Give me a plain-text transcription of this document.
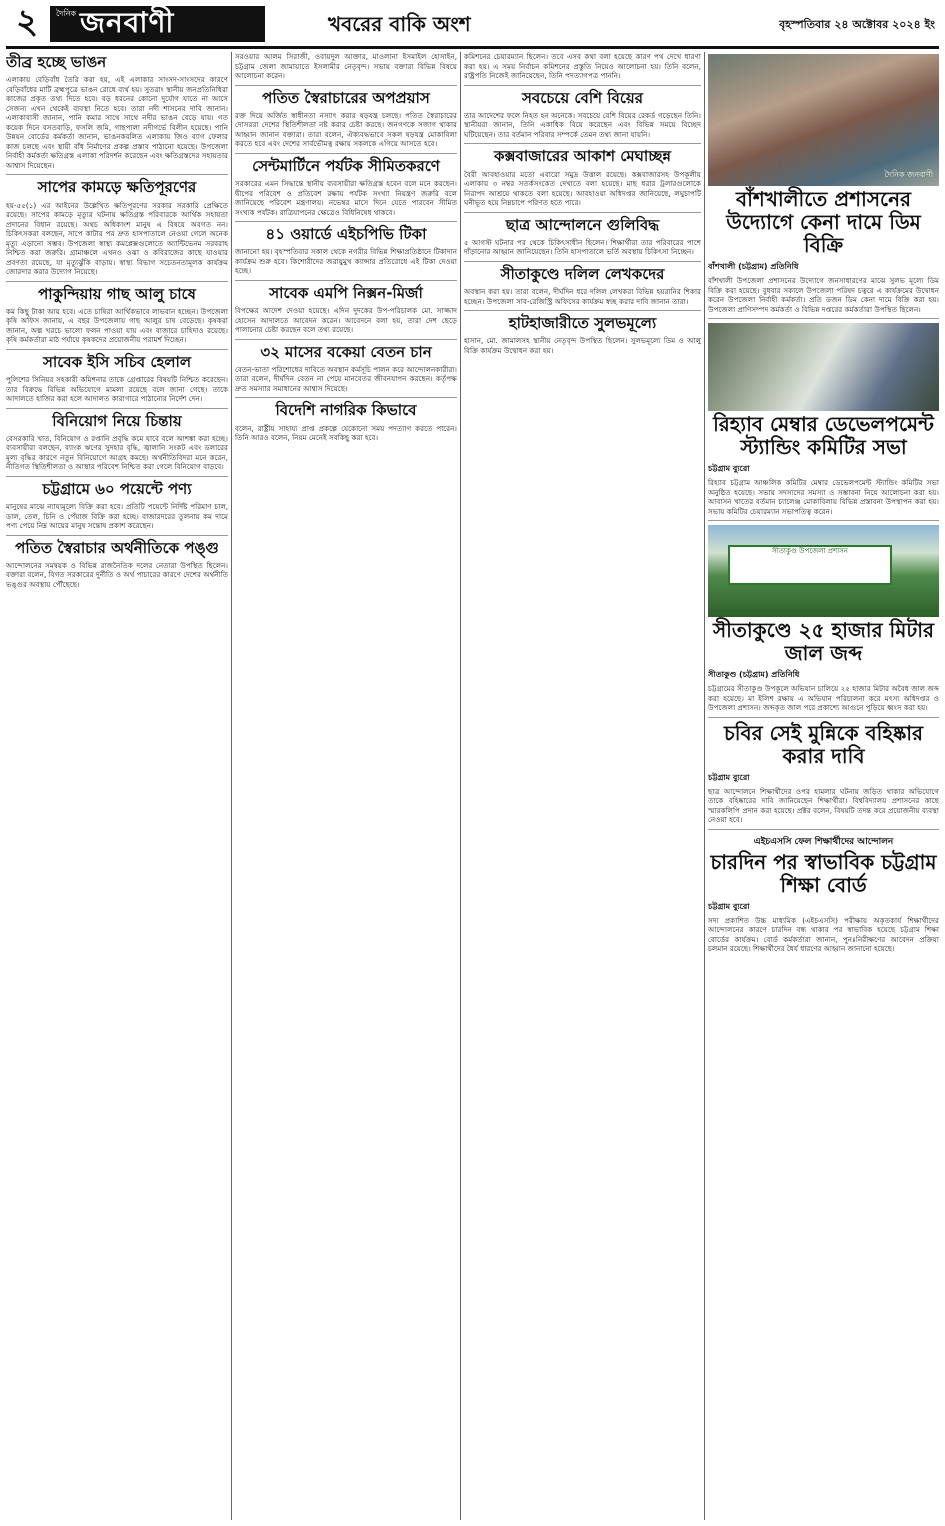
২	দৈনিক জনবাণী	খবরের বাকি অংশ	বৃহস্পতিবার ২৪ অক্টোবর ২০২৪ ইং
তীব্র হচ্ছে ভাঙন

এলাকায় বেড়িবাঁধ তৈরি করা হয়, এই এলাকার সাংসদ-সাংসদের কারণে বেড়িবাঁধের মাটি ব্রহ্মপুত্রে ভাঙন রোধে ব্যর্থ হয়। সুতরাং স্থানীয় জনপ্রতিনিধিরা কাজের প্রকৃত তথ্য দিতে হবে। বড় ধরনের কোনো দুর্যোগ যাতে না আসে সেজন্য এখন থেকেই ব্যবস্থা নিতে হবে। তারা নদী শাসনের দাবি জানান। এলাকাবাসী জানান, পানি কমার সাথে সাথে নদীর ভাঙন বেড়ে যায়। গত কয়েক দিনে বসতবাড়ি, ফসলি জমি, গাছপালা নদীগর্ভে বিলীন হয়েছে। পানি উন্নয়ন বোর্ডের কর্মকর্তা জানান, ভাঙনকবলিত এলাকায় জিও ব্যাগ ফেলার কাজ চলছে এবং স্থায়ী বাঁধ নির্মাণের প্রকল্প প্রস্তাব পাঠানো হয়েছে। উপজেলা নির্বাহী কর্মকর্তা ক্ষতিগ্রস্ত এলাকা পরিদর্শন করেছেন এবং ক্ষতিগ্রস্তদের সহায়তার আশ্বাস দিয়েছেন।

সাপের কামড়ে ক্ষতিপূরণের

হয়-৫৫(১) এর আইনের উল্লেখিত ক্ষতিপূরণের সরকার সরকারি প্রেক্ষিতে রয়েছে। সাপের কামড়ে মৃত্যুর ঘটনায় ক্ষতিগ্রস্ত পরিবারকে আর্থিক সহায়তা প্রদানের বিধান রয়েছে। অথচ অধিকাংশ মানুষ এ বিষয়ে অবগত নন। চিকিৎসকরা বলছেন, সাপে কাটার পর দ্রুত হাসপাতালে নেওয়া গেলে অনেক মৃত্যু এড়ানো সম্ভব। উপজেলা স্বাস্থ্য কমপ্লেক্সগুলোতে অ্যান্টিভেনম সরবরাহ নিশ্চিত করা জরুরি। গ্রামাঞ্চলে এখনও ওঝা ও কবিরাজের কাছে যাওয়ার প্রবণতা রয়েছে, যা মৃত্যুঝুঁকি বাড়ায়। স্বাস্থ্য বিভাগ সচেতনতামূলক কার্যক্রম জোরদার করার উদ্যোগ নিয়েছে।

পাকুন্দিয়ায় গাছ আলু চাষে

কম কিছু টাকা আয় হবে। এতে চাষিরা আর্থিকভাবে লাভবান হচ্ছেন। উপজেলা কৃষি অফিস জানায়, এ বছর উপজেলায় গাছ আলুর চাষ বেড়েছে। কৃষকরা জানান, অল্প খরচে ভালো ফলন পাওয়া যায় এবং বাজারে চাহিদাও রয়েছে। কৃষি কর্মকর্তারা মাঠ পর্যায়ে কৃষকদের প্রয়োজনীয় পরামর্শ দিচ্ছেন।

সাবেক ইসি সচিব হেলাল

পুলিশের সিনিয়র সহকারী কমিশনার তাকে গ্রেপ্তারের বিষয়টি নিশ্চিত করেছেন। তার বিরুদ্ধে বিভিন্ন অভিযোগে মামলা রয়েছে বলে জানা গেছে। তাকে আদালতে হাজির করা হলে আদালত কারাগারে পাঠানোর নির্দেশ দেন।

বিনিয়োগ নিয়ে চিন্তায়

বেসরকারি খাত, বিনিয়োগ ও রপ্তানি প্রবৃদ্ধি কমে যাবে বলে আশঙ্কা করা হচ্ছে। ব্যবসায়ীরা বলছেন, ব্যাংক ঋণের সুদহার বৃদ্ধি, জ্বালানি সংকট এবং ডলারের মূল্য বৃদ্ধির কারণে নতুন বিনিয়োগে আগ্রহ কমছে। অর্থনীতিবিদরা মনে করেন, নীতিগত স্থিতিশীলতা ও আস্থার পরিবেশ নিশ্চিত করা গেলে বিনিয়োগ বাড়বে।

চট্টগ্রামে ৬০ পয়েন্টে পণ্য

মানুষের মাঝে ন্যায্যমূল্যে বিক্রি করা হবে। প্রতিটি পয়েন্টে নির্দিষ্ট পরিমাণ চাল, ডাল, তেল, চিনি ও পেঁয়াজ বিক্রি করা হচ্ছে। বাজারদরের তুলনায় কম দামে পণ্য পেয়ে নিম্ন আয়ের মানুষ সন্তোষ প্রকাশ করেছেন।

পতিত স্বৈরাচার অর্থনীতিকে পঙ্গু

আন্দোলনের সমন্বয়ক ও বিভিন্ন রাজনৈতিক দলের নেতারা উপস্থিত ছিলেন। বক্তারা বলেন, বিগত সরকারের দুর্নীতি ও অর্থ পাচারের কারণে দেশের অর্থনীতি ভঙ্গুর অবস্থায় পৌঁছেছে।

সরওয়ার আলম সিরাজী, ওবায়দুল আক্তার, মাওলানা ইসমাইল হোসাইন, চট্টগ্রাম জেলা জামায়াতে ইসলামীর নেতৃবৃন্দ। সভায় বক্তারা বিভিন্ন বিষয়ে আলোচনা করেন।

পতিত স্বৈরাচারের অপপ্রয়াস

রক্ত দিয়ে অর্জিত স্বাধীনতা নস্যাৎ করার ষড়যন্ত্র চলছে। পতিত স্বৈরাচারের দোসররা দেশের স্থিতিশীলতা নষ্ট করার চেষ্টা করছে। জনগণকে সজাগ থাকার আহ্বান জানান বক্তারা। তারা বলেন, ঐক্যবদ্ধভাবে সকল ষড়যন্ত্র মোকাবিলা করতে হবে এবং দেশের সার্বভৌমত্ব রক্ষায় সকলকে এগিয়ে আসতে হবে।

সেন্টমার্টিনে পর্যটক সীমিতকরণে

সরকারের এমন সিদ্ধান্তে স্থানীয় ব্যবসায়ীরা ক্ষতিগ্রস্ত হবেন বলে মনে করছেন। দ্বীপের পরিবেশ ও প্রতিবেশ রক্ষায় পর্যটক সংখ্যা নিয়ন্ত্রণ জরুরি বলে জানিয়েছে পরিবেশ মন্ত্রণালয়। নভেম্বর মাসে দিনে যেতে পারবেন সীমিত সংখ্যক পর্যটক। রাত্রিযাপনের ক্ষেত্রেও বিধিনিষেধ থাকবে।

৪১ ওয়ার্ডে এইচপিভি টিকা

জানানো হয়। বৃহস্পতিবার সকাল থেকে নগরীর বিভিন্ন শিক্ষাপ্রতিষ্ঠানে টিকাদান কার্যক্রম শুরু হবে। কিশোরীদের জরায়ুমুখ ক্যান্সার প্রতিরোধে এই টিকা দেওয়া হচ্ছে।

সাবেক এমপি নিক্সন-মির্জা

বিপক্ষের আদেশ দেওয়া হয়েছে। এদিন দুদকের উপ-পরিচালক মো. সাজ্জাদ হোসেন আদালতে আবেদন করেন। আবেদনে বলা হয়, তারা দেশ ছেড়ে পালানোর চেষ্টা করছেন বলে তথ্য রয়েছে।

৩২ মাসের বকেয়া বেতন চান

বেতন-ভাতা পরিশোধের দাবিতে অবস্থান কর্মসূচি পালন করে আন্দোলনকারীরা। তারা বলেন, দীর্ঘদিন বেতন না পেয়ে মানবেতর জীবনযাপন করছেন। কর্তৃপক্ষ দ্রুত সমস্যার সমাধানের আশ্বাস দিয়েছে।

বিদেশি নাগরিক কিভাবে

বলেন, রাষ্ট্রীয় সাহায্য প্রাপ্ত প্রকল্পে যেকোনো সময় পদত্যাগ করতে পারেন। তিনি আরও বলেন, নিয়ম মেনেই সবকিছু করা হবে।

কমিশনের চেয়ারম্যান ছিলেন। তবে এসব কথা বলা হয়েছে কারণ পথ দেখে ধারণা করা হয়। এ সময় নির্বাচন কমিশনের প্রস্তুতি নিয়েও আলোচনা হয়। তিনি বলেন, রাষ্ট্রপতি নিজেই জানিয়েছেন, তিনি পদত্যাগপত্র পাননি।

সবচেয়ে বেশি বিয়ের

তার আদেশের ফলে নিহত হন অনেকে। সবচেয়ে বেশি বিয়ের রেকর্ড গড়েছেন তিনি। স্থানীয়রা জানান, তিনি একাধিক বিয়ে করেছেন এবং বিভিন্ন সময়ে বিচ্ছেদ ঘটিয়েছেন। তার বর্তমান পরিবার সম্পর্কে তেমন তথ্য জানা যায়নি।

কক্সবাজারের আকাশ মেঘাচ্ছন্ন

বৈরী আবহাওয়ার মতো এবারো সমুদ্র উত্তাল রয়েছে। কক্সবাজারসহ উপকূলীয় এলাকায় ৩ নম্বর সতর্কসংকেত দেখাতে বলা হয়েছে। মাছ ধরার ট্রলারগুলোকে নিরাপদ আশ্রয়ে থাকতে বলা হয়েছে। আবহাওয়া অধিদপ্তর জানিয়েছে, লঘুচাপটি ঘনীভূত হয়ে নিম্নচাপে পরিণত হতে পারে।

ছাত্র আন্দোলনে গুলিবিদ্ধ

৫ আগস্ট ঘটনার পর থেকে চিকিৎসাধীন ছিলেন। শিক্ষার্থীরা তার পরিবারের পাশে দাঁড়ানোর আহ্বান জানিয়েছেন। তিনি হাসপাতালে ভর্তি অবস্থায় চিকিৎসা নিচ্ছেন।

সীতাকুণ্ডে দলিল লেখকদের

অবস্থান করা হয়। তারা বলেন, দীর্ঘদিন ধরে দলিল লেখকরা বিভিন্ন হয়রানির শিকার হচ্ছেন। উপজেলা সাব-রেজিস্ট্রি অফিসের কার্যক্রম স্বচ্ছ করার দাবি জানান তারা।

হাটহাজারীতে সুলভমূল্যে

হাসান, মো. জামালসহ স্থানীয় নেতৃবৃন্দ উপস্থিত ছিলেন। সুলভমূল্যে ডিম ও আলু বিক্রি কার্যক্রম উদ্বোধন করা হয়।

দৈনিক জনবাণী
বাঁশখালীতে প্রশাসনের উদ্যোগে কেনা দামে ডিম বিক্রি
বাঁশখালী (চট্টগ্রাম) প্রতিনিধি

বাঁশখালী উপজেলা প্রশাসনের উদ্যোগে জনসাধারণের মাঝে সুলভ মূল্যে ডিম বিক্রি করা হয়েছে। বুধবার সকালে উপজেলা পরিষদ চত্বরে এ কার্যক্রমের উদ্বোধন করেন উপজেলা নির্বাহী কর্মকর্তা। প্রতি ডজন ডিম কেনা দামে বিক্রি করা হয়। উপজেলা প্রাণিসম্পদ কর্মকর্তা ও বিভিন্ন দপ্তরের কর্মকর্তারা উপস্থিত ছিলেন।

রিহ্যাব মেম্বার ডেভেলপমেন্ট স্ট্যান্ডিং কমিটির সভা
চট্টগ্রাম ব্যুরো

রিহ্যাব চট্টগ্রাম আঞ্চলিক কমিটির মেম্বার ডেভেলপমেন্ট স্ট্যান্ডিং কমিটির সভা অনুষ্ঠিত হয়েছে। সভায় সদস্যদের সমস্যা ও সম্ভাবনা নিয়ে আলোচনা করা হয়। আবাসন খাতের বর্তমান চ্যালেঞ্জ মোকাবিলায় বিভিন্ন প্রস্তাবনা উপস্থাপন করা হয়। সভায় কমিটির চেয়ারম্যান সভাপতিত্ব করেন।

সীতাকুণ্ড উপজেলা প্রশাসন
সীতাকুণ্ডে ২৫ হাজার মিটার জাল জব্দ
সীতাকুণ্ড (চট্টগ্রাম) প্রতিনিধি

চট্টগ্রামের সীতাকুণ্ড উপকূলে অভিযান চালিয়ে ২৫ হাজার মিটার অবৈধ জাল জব্দ করা হয়েছে। মা ইলিশ রক্ষায় এ অভিযান পরিচালনা করে মৎস্য অধিদপ্তর ও উপজেলা প্রশাসন। জব্দকৃত জাল পরে প্রকাশ্যে আগুনে পুড়িয়ে ধ্বংস করা হয়।

চবির সেই মুন্নিকে বহিষ্কার করার দাবি
চট্টগ্রাম ব্যুরো

ছাত্র আন্দোলনে শিক্ষার্থীদের ওপর হামলার ঘটনায় জড়িত থাকার অভিযোগে তাকে বহিষ্কারের দাবি জানিয়েছেন শিক্ষার্থীরা। বিশ্ববিদ্যালয় প্রশাসনের কাছে স্মারকলিপি প্রদান করা হয়েছে। প্রক্টর বলেন, বিষয়টি তদন্ত করে প্রয়োজনীয় ব্যবস্থা নেওয়া হবে।

এইচএসসি ফেল শিক্ষার্থীদের আন্দোলন
চারদিন পর স্বাভাবিক চট্টগ্রাম শিক্ষা বোর্ড
চট্টগ্রাম ব্যুরো

সদ্য প্রকাশিত উচ্চ মাধ্যমিক (এইচএসসি) পরীক্ষায় অকৃতকার্য শিক্ষার্থীদের আন্দোলনের কারণে চারদিন বন্ধ থাকার পর স্বাভাবিক হয়েছে চট্টগ্রাম শিক্ষা বোর্ডের কার্যক্রম। বোর্ড কর্মকর্তারা জানান, পুনঃনিরীক্ষণের আবেদন প্রক্রিয়া চলমান রয়েছে। শিক্ষার্থীদের ধৈর্য ধারণের আহ্বান জানানো হয়েছে।
